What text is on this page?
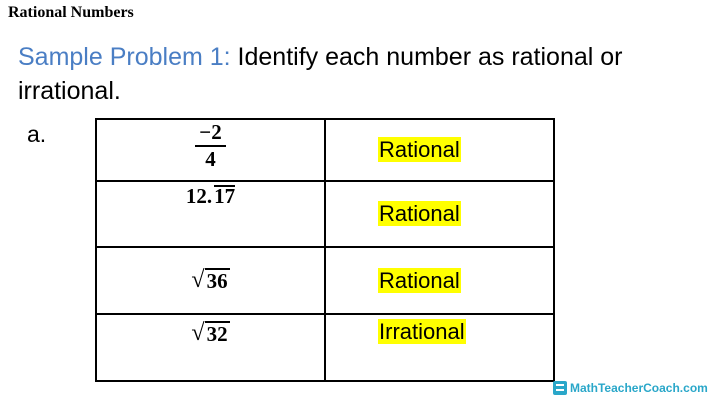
Rational Numbers
Sample Problem 1: Identify each number as rational or irrational.
a.	$\frac{-2}{4}$	Rational
12.17	Rational

√ 36	Rational

√ 32	Irrational
MathTeacherCoach.com
